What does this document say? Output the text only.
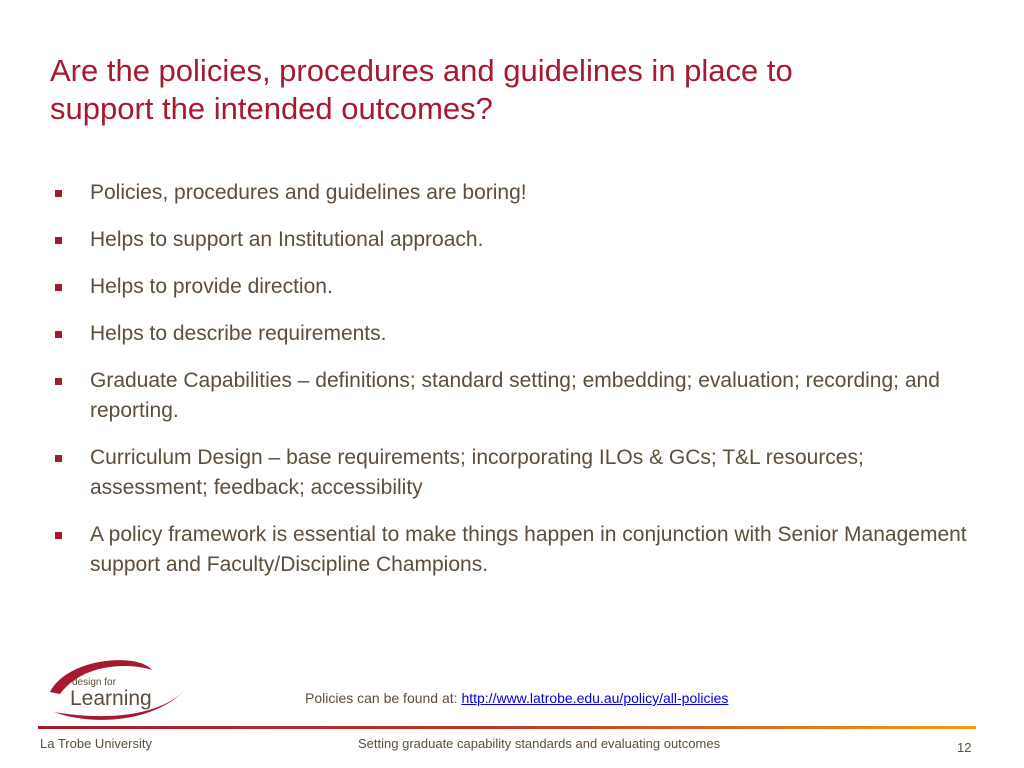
Are the policies, procedures and guidelines in place to
support the intended outcomes?
Policies, procedures and guidelines are boring!
Helps to support an Institutional approach.
Helps to provide direction.
Helps to describe requirements.
Graduate Capabilities – definitions; standard setting; embedding; evaluation; recording; and reporting.
Curriculum Design – base requirements; incorporating ILOs & GCs; T&L resources; assessment; feedback; accessibility
A policy framework is essential to make things happen in conjunction with Senior Management support and Faculty/Discipline Champions.
design for
Learning	Policies can be found at: http://www.latrobe.edu.au/policy/all-policies
La Trobe University	Setting graduate capability standards and evaluating outcomes	12
